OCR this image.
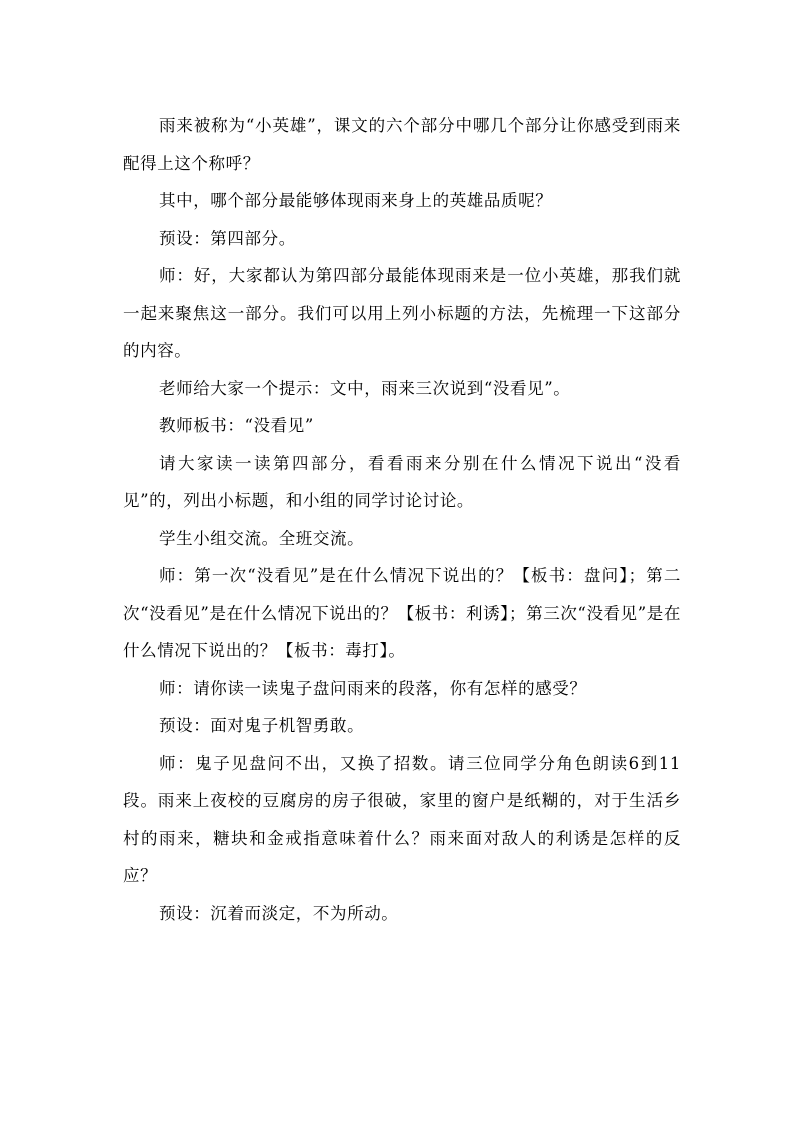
雨来被称为“小英雄”，课文的六个部分中哪几个部分让你感受到雨来配得上这个称呼？

其中，哪个部分最能够体现雨来身上的英雄品质呢？

预设：第四部分。

师：好，大家都认为第四部分最能体现雨来是一位小英雄，那我们就一起来聚焦这一部分。我们可以用上列小标题的方法，先梳理一下这部分的内容。

老师给大家一个提示：文中，雨来三次说到“没看见”。

教师板书：“没看见”

请大家读一读第四部分，看看雨来分别在什么情况下说出“没看见”的，列出小标题，和小组的同学讨论讨论。

学生小组交流。全班交流。

师：第一次“没看见”是在什么情况下说出的？【板书：盘问】；第二次“没看见”是在什么情况下说出的？【板书：利诱】；第三次“没看见”是在什么情况下说出的？【板书：毒打】。

师：请你读一读鬼子盘问雨来的段落，你有怎样的感受？

预设：面对鬼子机智勇敢。

师：鬼子见盘问不出，又换了招数。请三位同学分角色朗读6到11段。雨来上夜校的豆腐房的房子很破，家里的窗户是纸糊的，对于生活乡村的雨来，糖块和金戒指意味着什么？雨来面对敌人的利诱是怎样的反应？

预设：沉着而淡定，不为所动。
